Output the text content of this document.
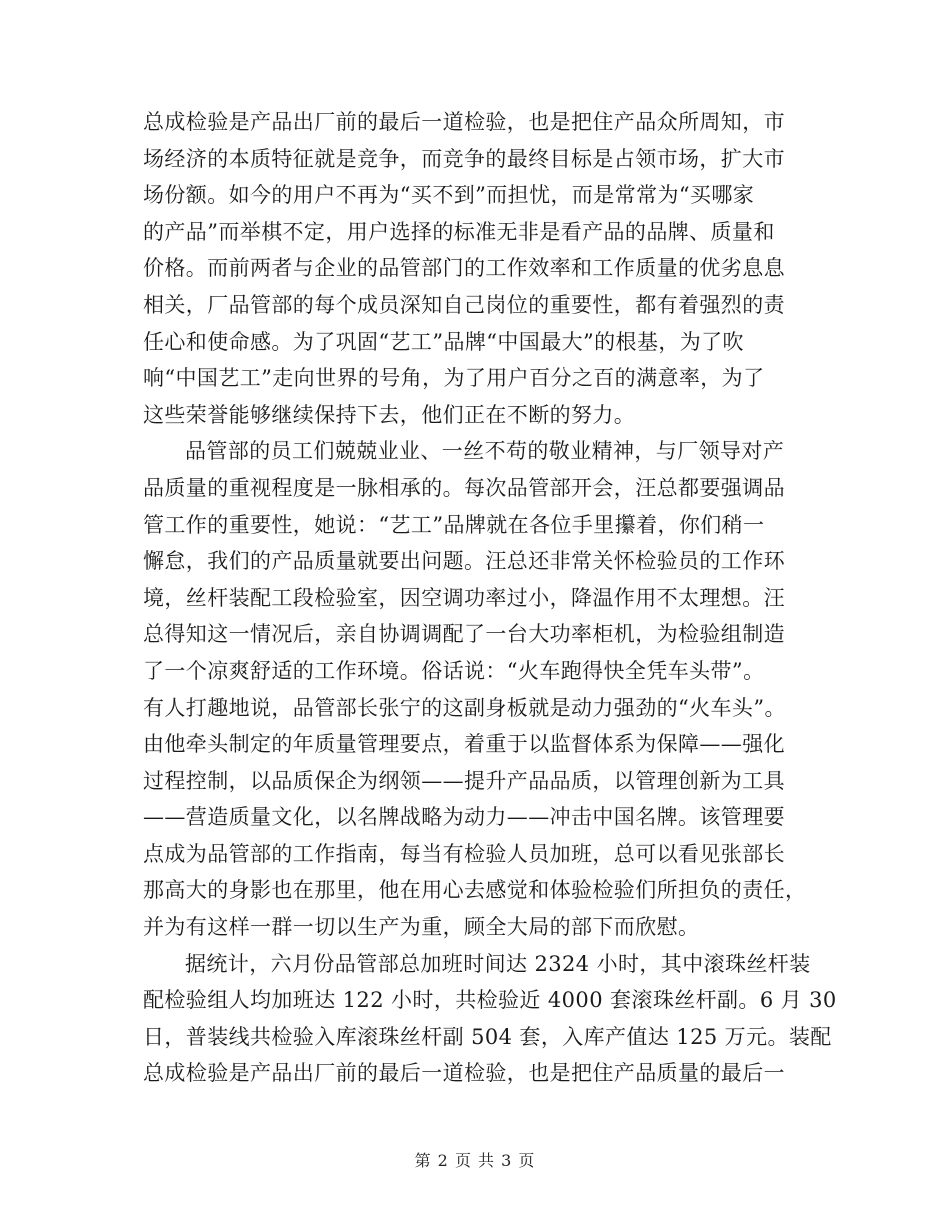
总成检验是产品出厂前的最后一道检验，也是把住产品众所周知，市
场经济的本质特征就是竞争，而竞争的最终目标是占领市场，扩大市
场份额。如今的用户不再为“买不到”而担忧，而是常常为“买哪家
的产品”而举棋不定，用户选择的标准无非是看产品的品牌、质量和
价格。而前两者与企业的品管部门的工作效率和工作质量的优劣息息
相关，厂品管部的每个成员深知自己岗位的重要性，都有着强烈的责
任心和使命感。为了巩固“艺工”品牌“中国最大”的根基，为了吹
响“中国艺工”走向世界的号角，为了用户百分之百的满意率，为了
这些荣誉能够继续保持下去，他们正在不断的努力。
品管部的员工们兢兢业业、一丝不苟的敬业精神，与厂领导对产
品质量的重视程度是一脉相承的。每次品管部开会，汪总都要强调品
管工作的重要性，她说：“艺工”品牌就在各位手里攥着，你们稍一
懈怠，我们的产品质量就要出问题。汪总还非常关怀检验员的工作环
境，丝杆装配工段检验室，因空调功率过小，降温作用不太理想。汪
总得知这一情况后，亲自协调调配了一台大功率柜机，为检验组制造
了一个凉爽舒适的工作环境。俗话说：“火车跑得快全凭车头带”。
有人打趣地说，品管部长张宁的这副身板就是动力强劲的“火车头”。
由他牵头制定的年质量管理要点，着重于以监督体系为保障——强化
过程控制，以品质保企为纲领——提升产品品质，以管理创新为工具
——营造质量文化，以名牌战略为动力——冲击中国名牌。该管理要
点成为品管部的工作指南，每当有检验人员加班，总可以看见张部长
那高大的身影也在那里，他在用心去感觉和体验检验们所担负的责任，
并为有这样一群一切以生产为重，顾全大局的部下而欣慰。
据统计，六月份品管部总加班时间达 2324 小时，其中滚珠丝杆装
配检验组人均加班达 122 小时，共检验近 4000 套滚珠丝杆副。6 月 30
日，普装线共检验入库滚珠丝杆副 504 套，入库产值达 125 万元。装配
总成检验是产品出厂前的最后一道检验，也是把住产品质量的最后一
第 2 页 共 3 页
